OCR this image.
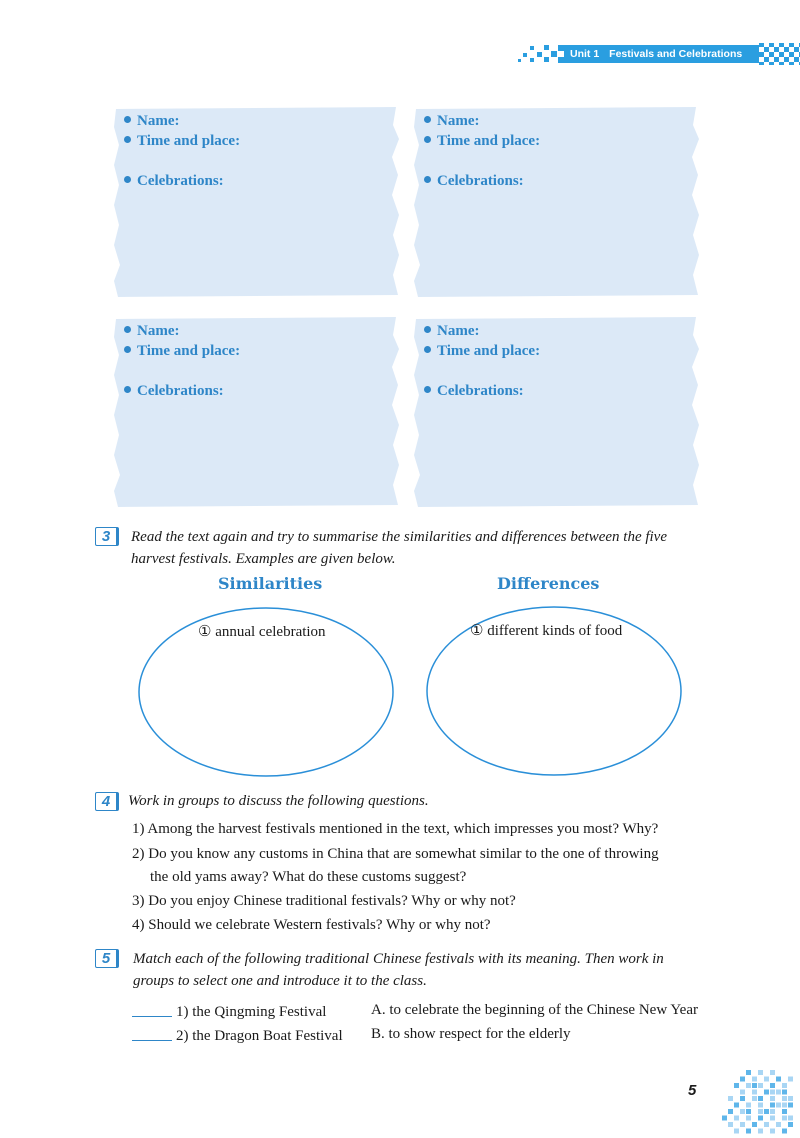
Unit 1 Festivals and Celebrations
Name:
Time and place:
Celebrations:
Name:
Time and place:
Celebrations:
Name:
Time and place:
Celebrations:
Name:
Time and place:
Celebrations:
3	Read the text again and try to summarise the similarities and differences between the five
harvest festivals. Examples are given below.
Similarities	Differences
① annual celebration	① different kinds of food
4	Work in groups to discuss the following questions.
1) Among the harvest festivals mentioned in the text, which impresses you most? Why?
2) Do you know any customs in China that are somewhat similar to the one of throwing
the old yams away? What do these customs suggest?
3) Do you enjoy Chinese traditional festivals? Why or why not?
4) Should we celebrate Western festivals? Why or why not?
5	Match each of the following traditional Chinese festivals with its meaning. Then work in
groups to select one and introduce it to the class.
1) the Qingming Festival	A. to celebrate the beginning of the Chinese New Year
2) the Dragon Boat Festival B. to show respect for the elderly
5
